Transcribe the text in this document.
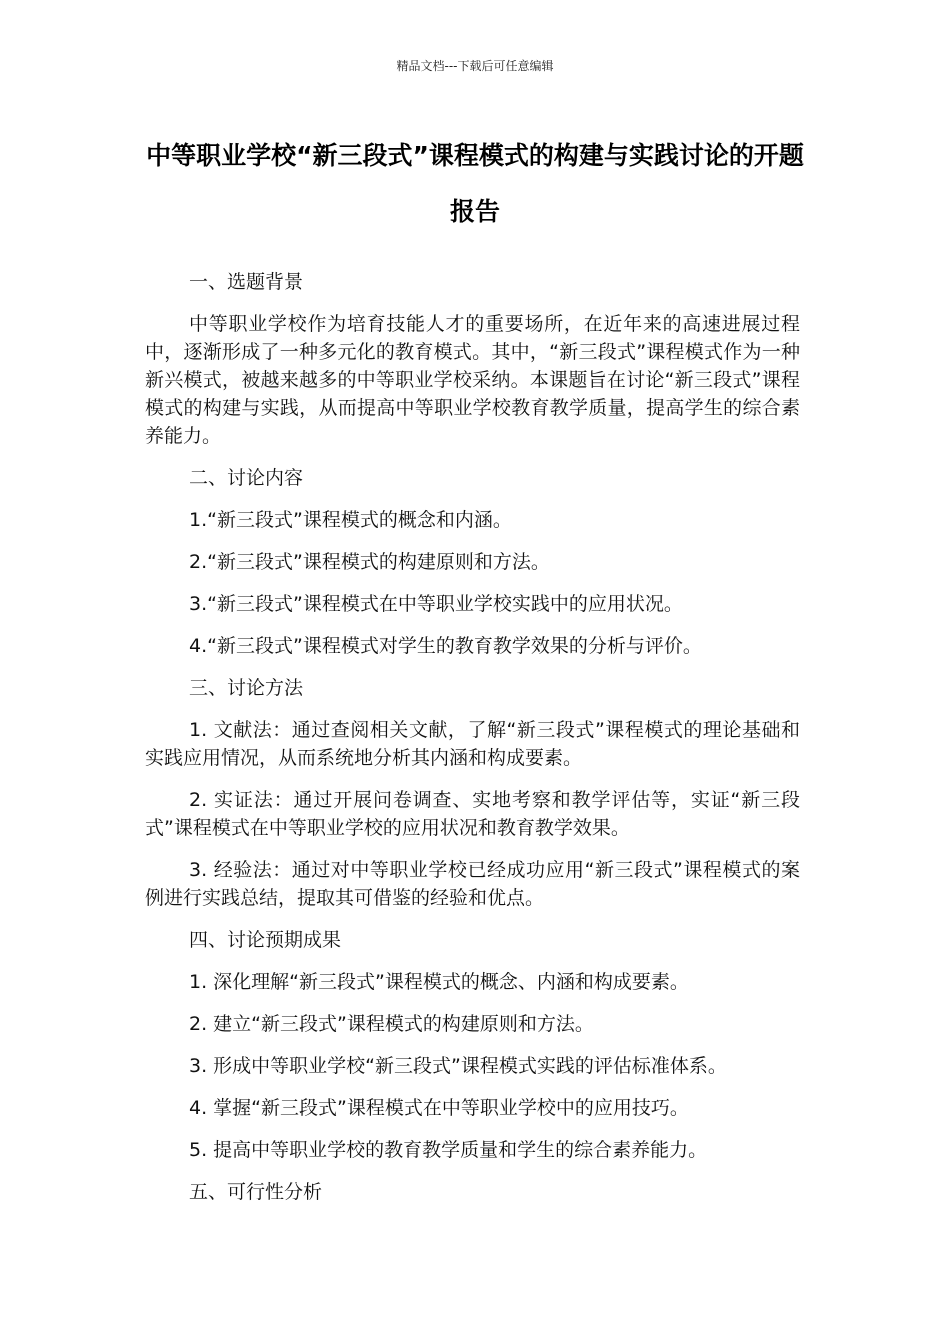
精品文档---下载后可任意编辑
中等职业学校“新三段式”课程模式的构建与实践讨论的开题报告

一、选题背景

中等职业学校作为培育技能人才的重要场所，在近年来的高速进展过程中，逐渐形成了一种多元化的教育模式。其中，“新三段式”课程模式作为一种新兴模式，被越来越多的中等职业学校采纳。本课题旨在讨论“新三段式”课程模式的构建与实践，从而提高中等职业学校教育教学质量，提高学生的综合素养能力。

二、讨论内容

1.“新三段式”课程模式的概念和内涵。

2.“新三段式”课程模式的构建原则和方法。

3.“新三段式”课程模式在中等职业学校实践中的应用状况。

4.“新三段式”课程模式对学生的教育教学效果的分析与评价。

三、讨论方法

1. 文献法：通过查阅相关文献，了解“新三段式”课程模式的理论基础和实践应用情况，从而系统地分析其内涵和构成要素。

2. 实证法：通过开展问卷调查、实地考察和教学评估等，实证“新三段式”课程模式在中等职业学校的应用状况和教育教学效果。

3. 经验法：通过对中等职业学校已经成功应用“新三段式”课程模式的案例进行实践总结，提取其可借鉴的经验和优点。

四、讨论预期成果

1. 深化理解“新三段式”课程模式的概念、内涵和构成要素。

2. 建立“新三段式”课程模式的构建原则和方法。

3. 形成中等职业学校“新三段式”课程模式实践的评估标准体系。

4. 掌握“新三段式”课程模式在中等职业学校中的应用技巧。

5. 提高中等职业学校的教育教学质量和学生的综合素养能力。

五、可行性分析
